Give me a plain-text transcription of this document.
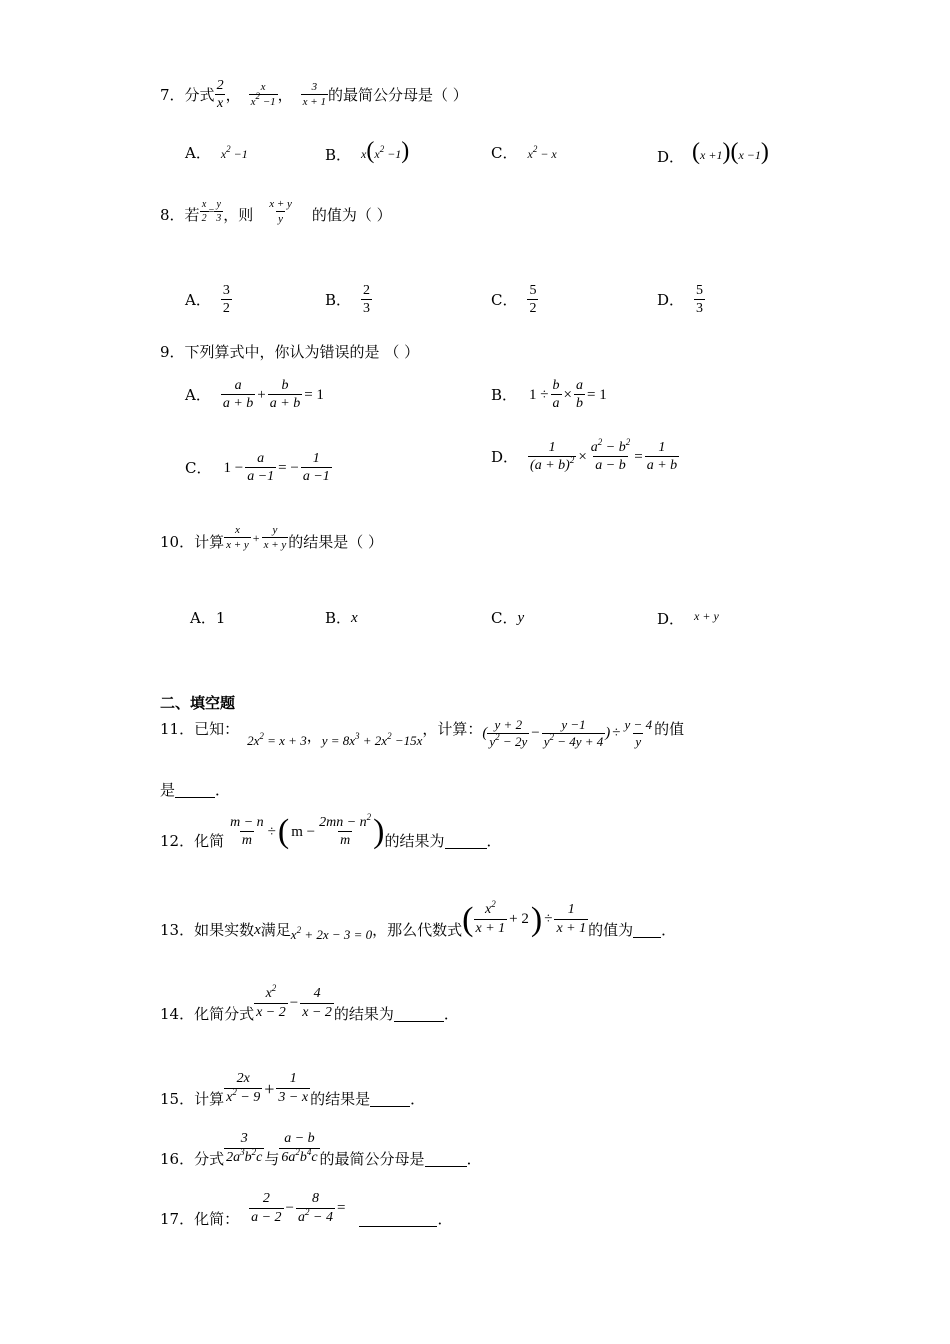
7． 分式 $\frac{2}{x}$ ， $\frac{x}{x^2 -1}$ ， $\frac{3}{x + 1}$ 的最简公分母是（ ）
A． $x^2 -1$	B． $x(x^2 -1)$	C． $x^2 - x$	D． (x +1)(x −1)
8． 若 $\frac{x}{2} = \frac{y}{3}$ ，则 $\frac{x + y}{y}$ 的值为（ ）
A． $\frac{3}{2}$	B． $\frac{2}{3}$	C． $\frac{5}{2}$	D． $\frac{5}{3}$
9．下列算式中，你认为错误的是 （ ）
A． $\frac{a}{a + b} + \frac{b}{a + b} = 1$	B． $1 \div \frac{b}{a} \times \frac{a}{b} = 1$
C． $1 - \frac{a}{a -1}$ = − $\frac{1}{a -1}$	D． $\frac{1}{(a + b)^2} \times \frac{a^2 - b^2}{a - b} = \frac{1}{a + b}$
10．计算 $\frac{x}{x + y} + \frac{y}{x + y}$ 的结果是（ ）
A．1	B． x	C． y	D． x + y
二、填空题
11．已知：
$2x^2 = x + 3$ ， $y = 8x^3 + 2x^2 -15x$
，计算： ( $\frac{y + 2}{y^2 - 2y} - \frac{y -1}{y^2 - 4y + 4}$ ) ÷ $\frac{y - 4}{y}$ 的值
是	．
12．化简 $\frac{m - n}{m}$ ÷ ( $m - \frac{2mn - n^2}{m}$ ) 的结果为	．
13．如果实数 x 满足 $x^2 + 2x - 3 = 0$ ，那么代数式 ( $\frac{x^2}{x + 1} + 2$ ) ÷ $\frac{1}{x + 1}$ 的值为 ．
14．化简分式 $\frac{x^2}{x - 2} - \frac{4}{x - 2}$ 的结果为	．
15．计算 $\frac{2x}{x^2 - 9} + \frac{1}{3 - x}$ 的结果是	．
16．分式 $\frac{3}{2a^3b^2c}$ 与 $\frac{a - b}{6a^2b^4c}$ 的最简公分母是	．
17．化简： $\frac{2}{a - 2} - \frac{8}{a^2 - 4}$ =
．
